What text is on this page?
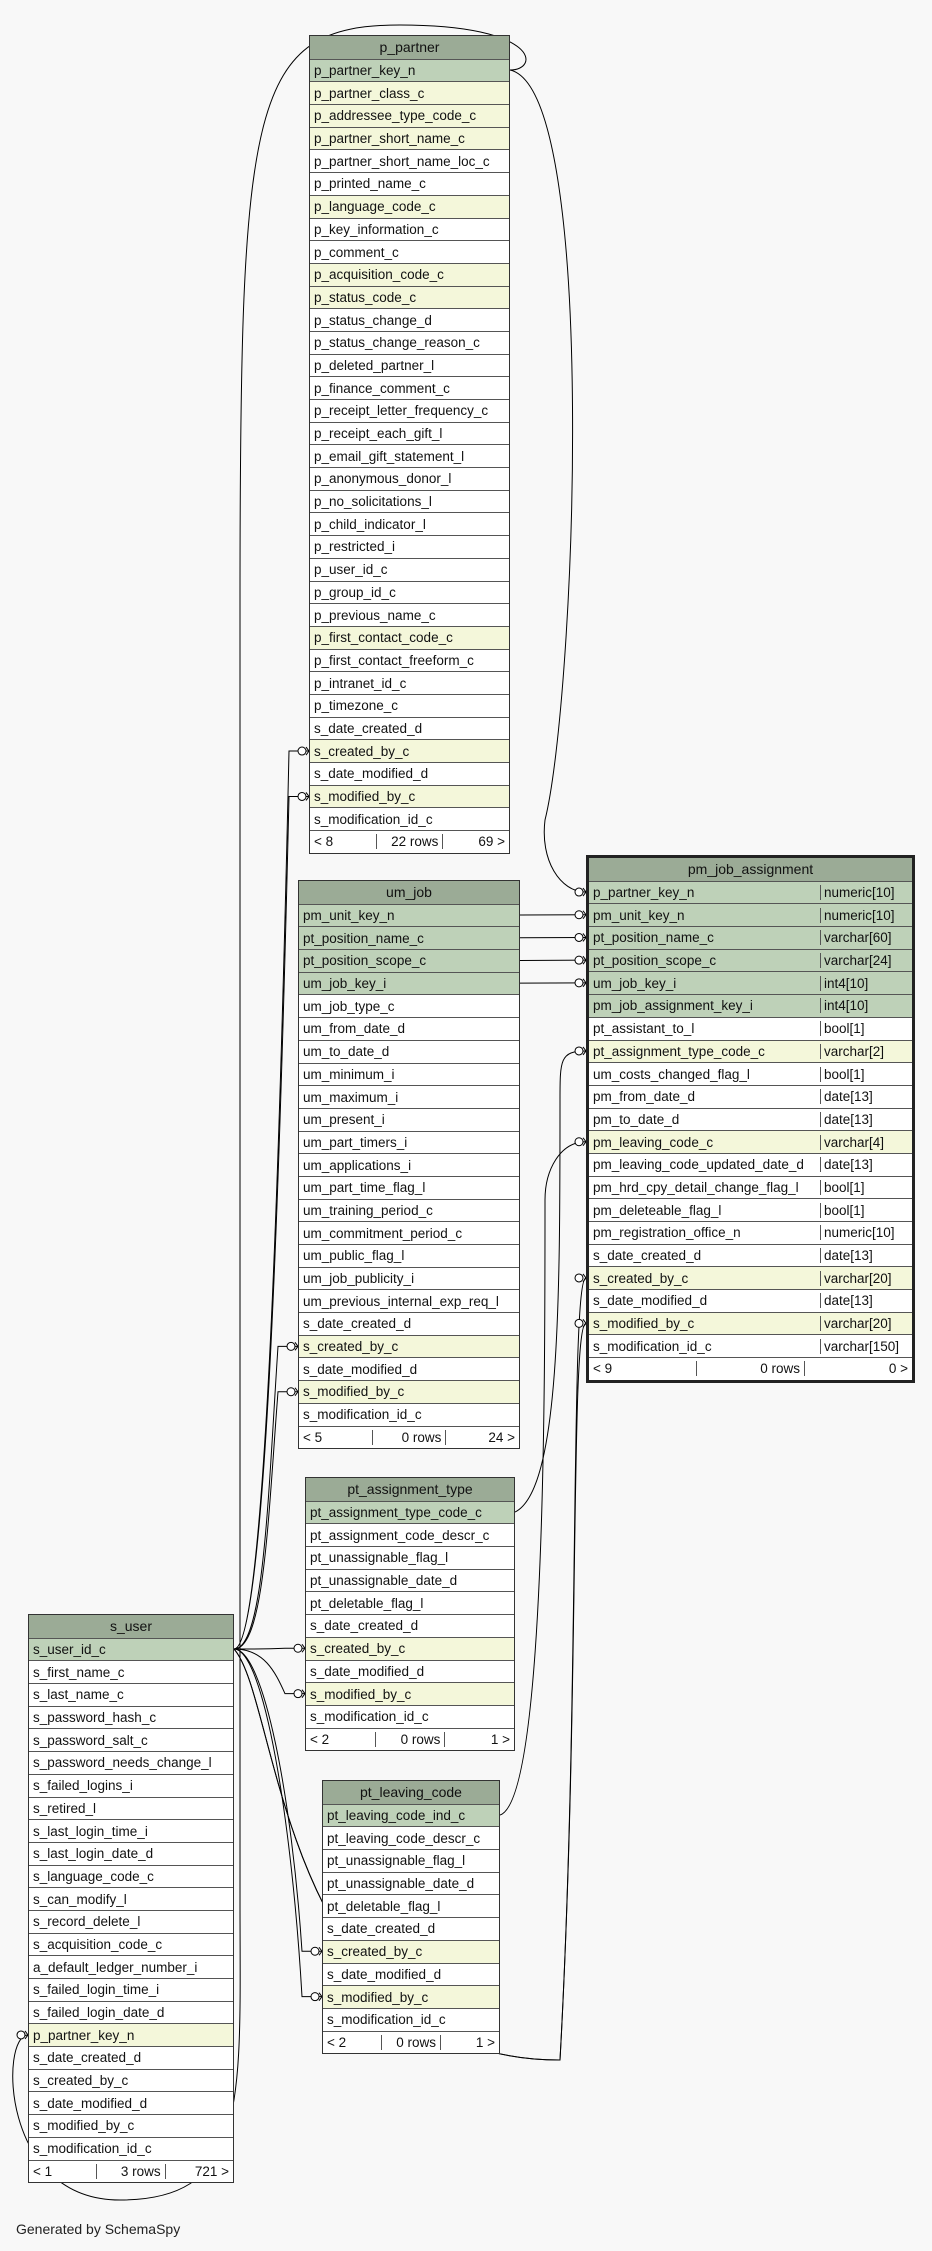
p_partner
p_partner_key_n
p_partner_class_c
p_addressee_type_code_c
p_partner_short_name_c
p_partner_short_name_loc_c
p_printed_name_c
p_language_code_c
p_key_information_c
p_comment_c
p_acquisition_code_c
p_status_code_c
p_status_change_d
p_status_change_reason_c
p_deleted_partner_l
p_finance_comment_c
p_receipt_letter_frequency_c
p_receipt_each_gift_l
p_email_gift_statement_l
p_anonymous_donor_l
p_no_solicitations_l
p_child_indicator_l
p_restricted_i
p_user_id_c
p_group_id_c
p_previous_name_c
p_first_contact_code_c
p_first_contact_freeform_c
p_intranet_id_c
p_timezone_c
s_date_created_d
s_created_by_c
s_date_modified_d
s_modified_by_c
s_modification_id_c
< 8	22 rows	69 >
um_job
pm_unit_key_n
pt_position_name_c
pt_position_scope_c
um_job_key_i
um_job_type_c
um_from_date_d
um_to_date_d
um_minimum_i
um_maximum_i
um_present_i
um_part_timers_i
um_applications_i
um_part_time_flag_l
um_training_period_c
um_commitment_period_c
um_public_flag_l
um_job_publicity_i
um_previous_internal_exp_req_l
s_date_created_d
s_created_by_c
s_date_modified_d
s_modified_by_c
s_modification_id_c
< 5	0 rows	24 >
pt_assignment_type
pt_assignment_type_code_c
pt_assignment_code_descr_c
pt_unassignable_flag_l
pt_unassignable_date_d
pt_deletable_flag_l
s_date_created_d
s_created_by_c
s_date_modified_d
s_modified_by_c
s_modification_id_c
< 2	0 rows	1 >
pt_leaving_code
pt_leaving_code_ind_c
pt_leaving_code_descr_c
pt_unassignable_flag_l
pt_unassignable_date_d
pt_deletable_flag_l
s_date_created_d
s_created_by_c
s_date_modified_d
s_modified_by_c
s_modification_id_c
< 2	0 rows	1 >
s_user
s_user_id_c
s_first_name_c
s_last_name_c
s_password_hash_c
s_password_salt_c
s_password_needs_change_l
s_failed_logins_i
s_retired_l
s_last_login_time_i
s_last_login_date_d
s_language_code_c
s_can_modify_l
s_record_delete_l
s_acquisition_code_c
a_default_ledger_number_i
s_failed_login_time_i
s_failed_login_date_d
p_partner_key_n
s_date_created_d
s_created_by_c
s_date_modified_d
s_modified_by_c
s_modification_id_c
< 1	3 rows	721 >
pm_job_assignment
p_partner_key_n	numeric[10]
pm_unit_key_n	numeric[10]
pt_position_name_c	varchar[60]
pt_position_scope_c	varchar[24]
um_job_key_i	int4[10]
pm_job_assignment_key_i	int4[10]
pt_assistant_to_l	bool[1]
pt_assignment_type_code_c	varchar[2]
um_costs_changed_flag_l	bool[1]
pm_from_date_d	date[13]
pm_to_date_d	date[13]
pm_leaving_code_c	varchar[4]
pm_leaving_code_updated_date_d	date[13]
pm_hrd_cpy_detail_change_flag_l	bool[1]
pm_deleteable_flag_l	bool[1]
pm_registration_office_n	numeric[10]
s_date_created_d	date[13]
s_created_by_c	varchar[20]
s_date_modified_d	date[13]
s_modified_by_c	varchar[20]
s_modification_id_c	varchar[150]
< 9	0 rows	0 >
Generated by SchemaSpy
